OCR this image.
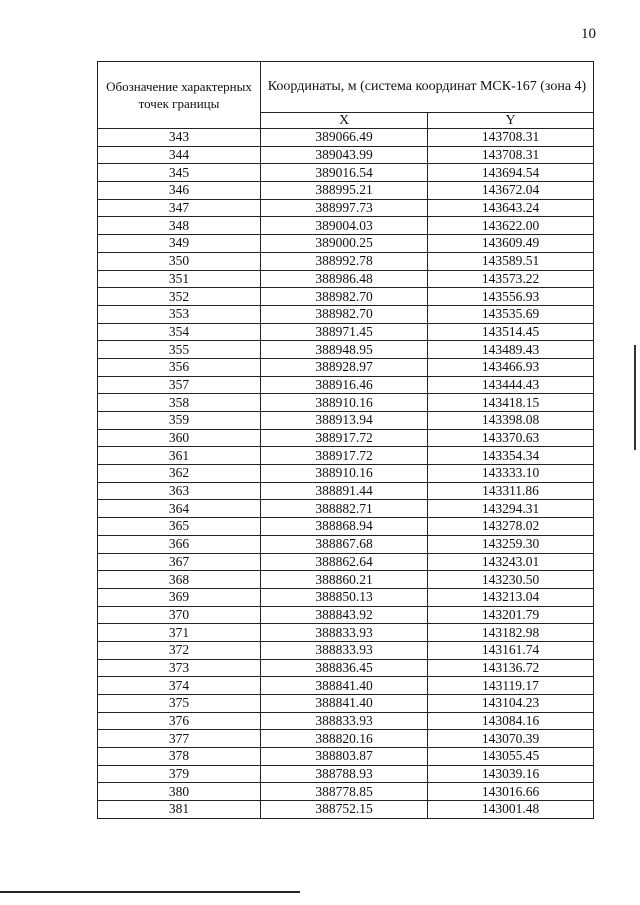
10
Обозначение характерных точек границы	Координаты, м (система координат МСК-167 (зона 4)	
	X	Y
343	389066.49	143708.31
344	389043.99	143708.31
345	389016.54	143694.54
346	388995.21	143672.04
347	388997.73	143643.24
348	389004.03	143622.00
349	389000.25	143609.49
350	388992.78	143589.51
351	388986.48	143573.22
352	388982.70	143556.93
353	388982.70	143535.69
354	388971.45	143514.45
355	388948.95	143489.43
356	388928.97	143466.93
357	388916.46	143444.43
358	388910.16	143418.15
359	388913.94	143398.08
360	388917.72	143370.63
361	388917.72	143354.34
362	388910.16	143333.10
363	388891.44	143311.86
364	388882.71	143294.31
365	388868.94	143278.02
366	388867.68	143259.30
367	388862.64	143243.01
368	388860.21	143230.50
369	388850.13	143213.04
370	388843.92	143201.79
371	388833.93	143182.98
372	388833.93	143161.74
373	388836.45	143136.72
374	388841.40	143119.17
375	388841.40	143104.23
376	388833.93	143084.16
377	388820.16	143070.39
378	388803.87	143055.45
379	388788.93	143039.16
380	388778.85	143016.66
381	388752.15	143001.48
